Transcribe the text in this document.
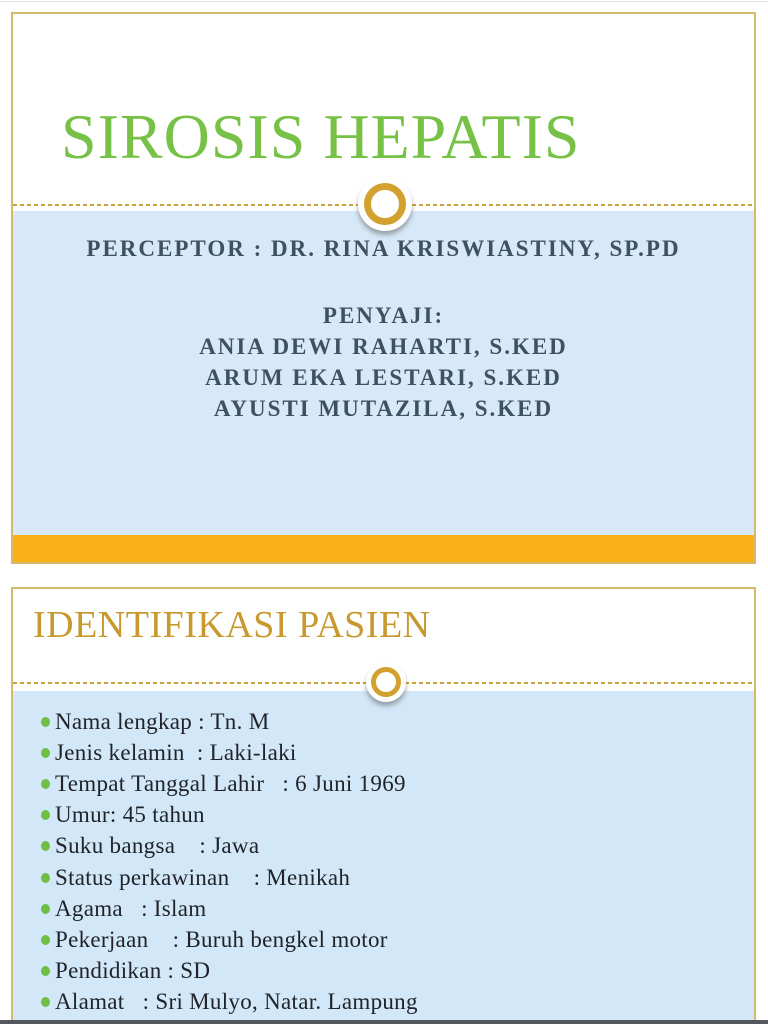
SIROSIS HEPATIS

PERCEPTOR : DR. RINA KRISWIASTINY, SP.PD

PENYAJI:

ANIA DEWI RAHARTI, S.KED

ARUM EKA LESTARI, S.KED

AYUSTI MUTAZILA, S.KED

IDENTIFIKASI PASIEN
Nama lengkap : Tn. M
Jenis kelamin  : Laki-laki
Tempat Tanggal Lahir   : 6 Juni 1969
Umur: 45 tahun
Suku bangsa    : Jawa
Status perkawinan    : Menikah
Agama   : Islam
Pekerjaan    : Buruh bengkel motor
Pendidikan : SD
Alamat   : Sri Mulyo, Natar. Lampung
